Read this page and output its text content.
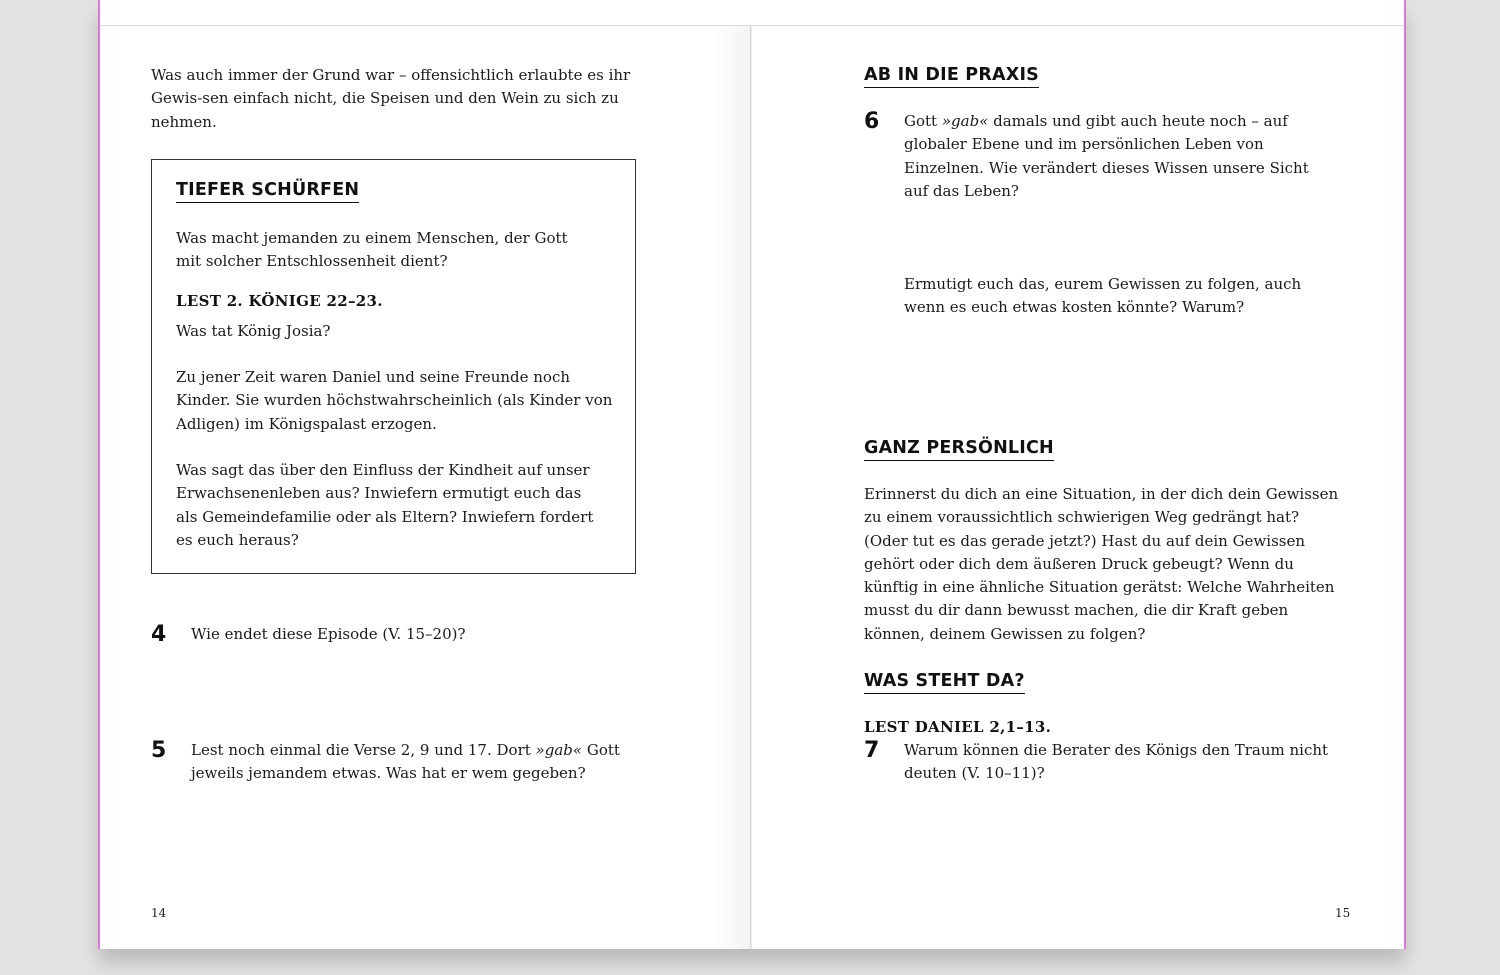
Was auch immer der Grund war – offensichtlich erlaubte es ihr Gewis-sen einfach nicht, die Speisen und den Wein zu sich zu nehmen.

TIEFER SCHÜRFEN

Was macht jemanden zu einem Menschen, der Gott mit solcher Entschlossenheit dient?

LEST 2. KÖNIGE 22–23.

Was tat König Josia?

Zu jener Zeit waren Daniel und seine Freunde noch Kinder. Sie wurden höchstwahrscheinlich (als Kinder von Adligen) im Königspalast erzogen.

Was sagt das über den Einfluss der Kindheit auf unser Erwachsenenleben aus? Inwiefern ermutigt euch das als Gemeindefamilie oder als Eltern? Inwiefern fordert es euch heraus?

4 Wie endet diese Episode (V. 15–20)?

5 Lest noch einmal die Verse 2, 9 und 17. Dort »gab« Gott jeweils jemandem etwas. Was hat er wem gegeben?

14
AB IN DIE PRAXIS
6 Gott »gab« damals und gibt auch heute noch – auf globaler Ebene und im persönlichen Leben von Einzelnen. Wie verändert dieses Wissen unsere Sicht auf das Leben?

Ermutigt euch das, eurem Gewissen zu folgen, auch wenn es euch etwas kosten könnte? Warum?

GANZ PERSÖNLICH

Erinnerst du dich an eine Situation, in der dich dein Gewissen zu einem voraussichtlich schwierigen Weg gedrängt hat? (Oder tut es das gerade jetzt?) Hast du auf dein Gewissen gehört oder dich dem äußeren Druck gebeugt? Wenn du künftig in eine ähnliche Situation gerätst: Welche Wahrheiten musst du dir dann bewusst machen, die dir Kraft geben können, deinem Gewissen zu folgen?

WAS STEHT DA?

LEST DANIEL 2,1–13.

7 Warum können die Berater des Königs den Traum nicht deuten (V. 10–11)?

15
